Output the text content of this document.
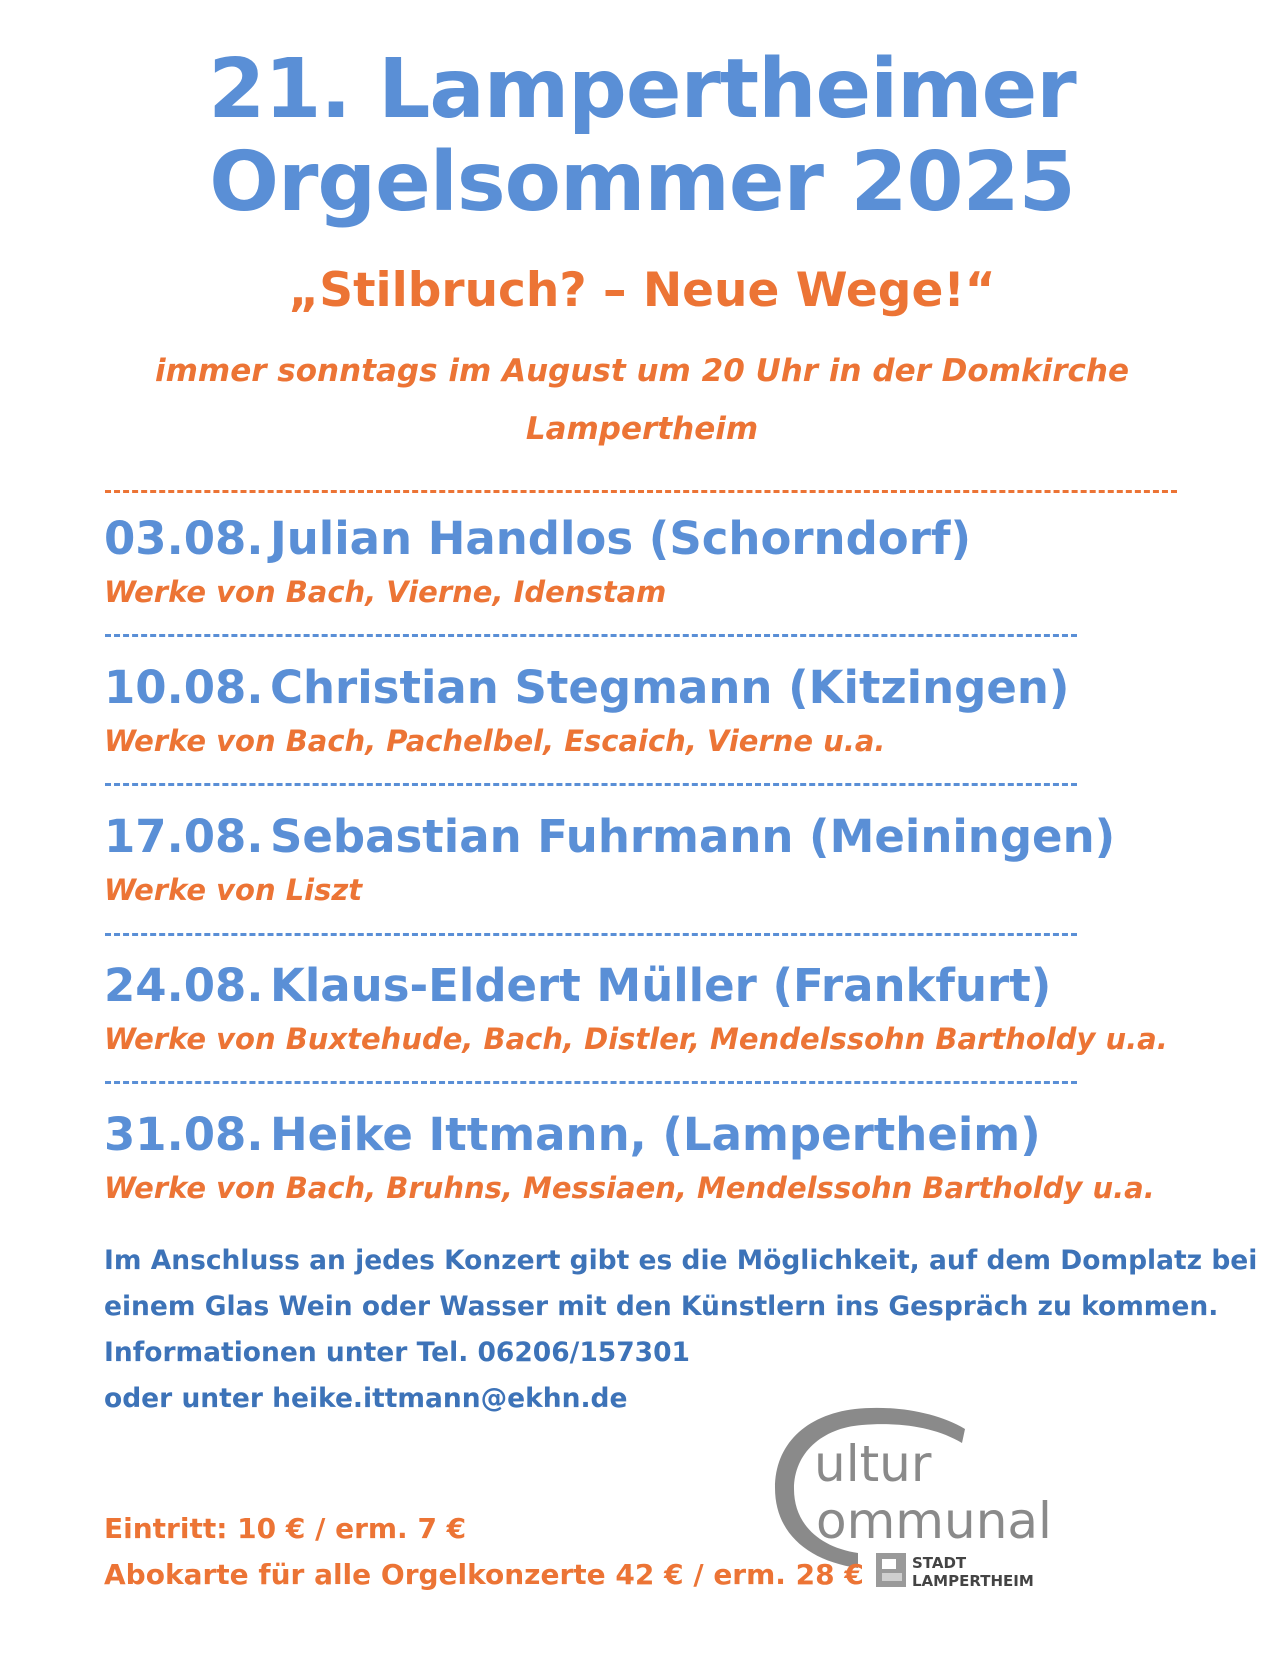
21. Lampertheimer
Orgelsommer 2025
„Stilbruch? – Neue Wege!“
immer sonntags im August um 20 Uhr in der Domkirche
Lampertheim
03.08. Julian Handlos (Schorndorf)
Werke von Bach, Vierne, Idenstam
10.08. Christian Stegmann (Kitzingen)
Werke von Bach, Pachelbel, Escaich, Vierne u.a.
17.08. Sebastian Fuhrmann (Meiningen)
Werke von Liszt
24.08. Klaus-Eldert Müller (Frankfurt)
Werke von Buxtehude, Bach, Distler, Mendelssohn Bartholdy u.a.
31.08. Heike Ittmann, (Lampertheim)
Werke von Bach, Bruhns, Messiaen, Mendelssohn Bartholdy u.a.
Im Anschluss an jedes Konzert gibt es die Möglichkeit, auf dem Domplatz bei
einem Glas Wein oder Wasser mit den Künstlern ins Gespräch zu kommen.
Informationen unter Tel. 06206/157301
oder unter heike.ittmann@ekhn.de
ultur
ommunal
STADT
LAMPERTHEIM
Eintritt: 10 € / erm. 7 €
Abokarte für alle Orgelkonzerte 42 € / erm. 28 €
